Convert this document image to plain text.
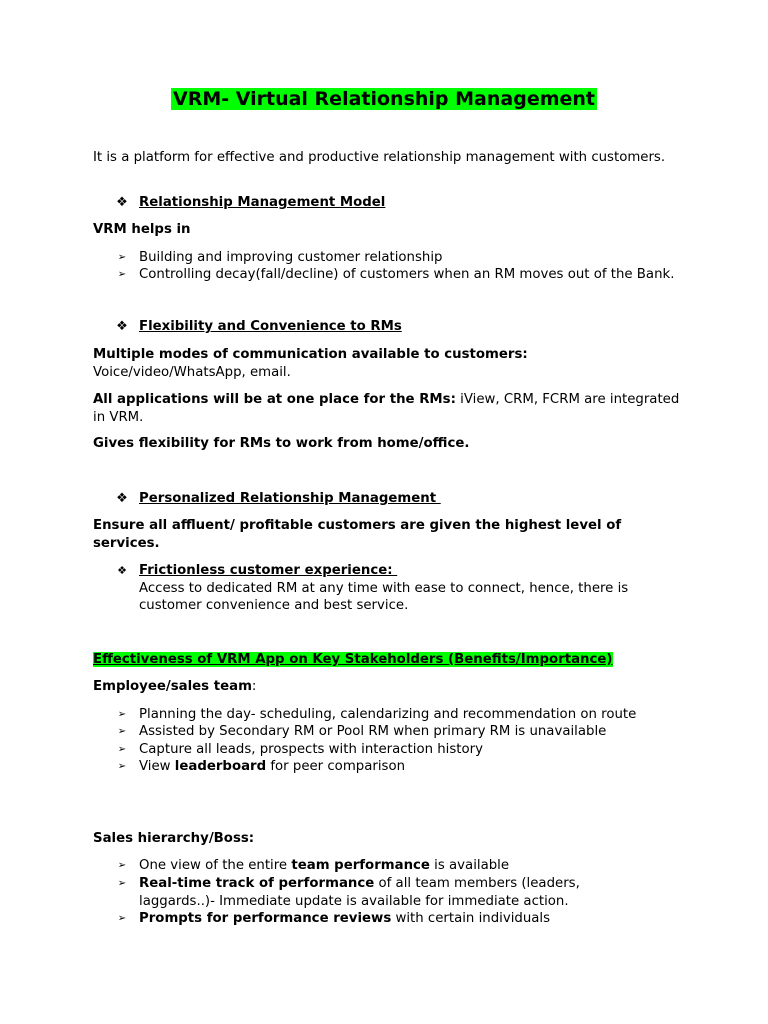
VRM- Virtual Relationship Management
It is a platform for effective and productive relationship management with customers.
❖ Relationship Management Model
VRM helps in
➢ Building and improving customer relationship
➢ Controlling decay(fall/decline) of customers when an RM moves out of the Bank.
❖ Flexibility and Convenience to RMs
Multiple modes of communication available to customers:
Voice/video/WhatsApp, email.
All applications will be at one place for the RMs: iView, CRM, FCRM are integrated in VRM.
Gives flexibility for RMs to work from home/office.
❖ Personalized Relationship Management
Ensure all affluent/ profitable customers are given the highest level of services.
❖ Frictionless customer experience:
Access to dedicated RM at any time with ease to connect, hence, there is customer convenience and best service.
Effectiveness of VRM App on Key Stakeholders (Benefits/Importance)
Employee/sales team:
➢ Planning the day- scheduling, calendarizing and recommendation on route
➢ Assisted by Secondary RM or Pool RM when primary RM is unavailable
➢ Capture all leads, prospects with interaction history
➢ View leaderboard for peer comparison
Sales hierarchy/Boss:
➢ One view of the entire team performance is available
➢ Real-time track of performance of all team members (leaders, laggards..)- Immediate update is available for immediate action.
➢ Prompts for performance reviews with certain individuals
